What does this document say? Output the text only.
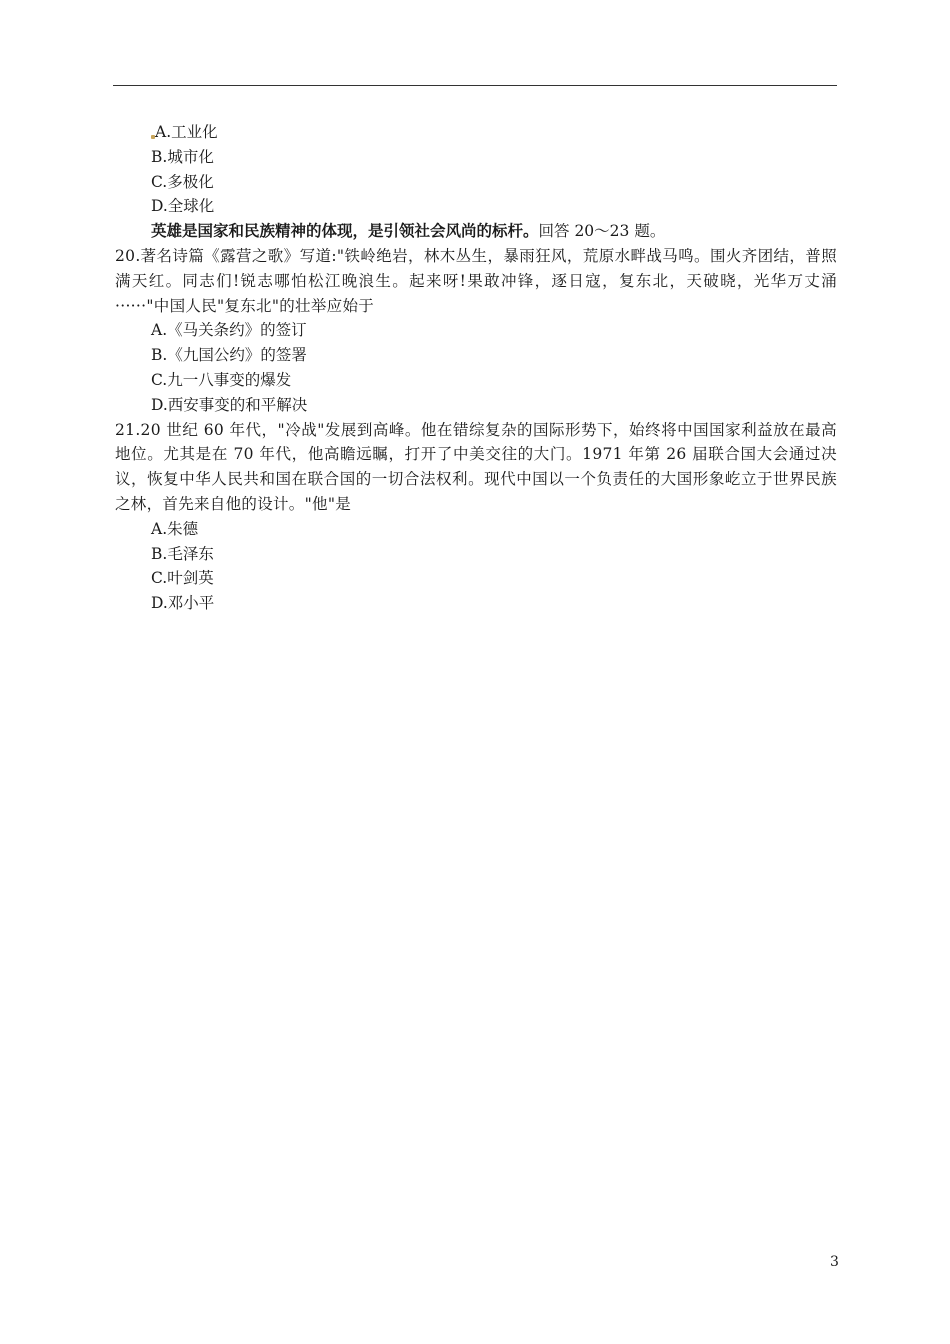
A.工业化
B.城市化
C.多极化
D.全球化
英雄是国家和民族精神的体现，是引领社会风尚的标杆。回答 20～23 题。
20.著名诗篇《露营之歌》写道:"铁岭绝岩，林木丛生，暴雨狂风，荒原水畔战马鸣。围火齐团结，普照满天红。同志们!锐志哪怕松江晚浪生。起来呀!果敢冲锋，逐日寇，复东北，天破晓，光华万丈涌······"中国人民"复东北"的壮举应始于
A.《马关条约》的签订
B.《九国公约》的签署
C.九一八事变的爆发
D.西安事变的和平解决
21.20 世纪 60 年代，"冷战"发展到高峰。他在错综复杂的国际形势下，始终将中国国家利益放在最高地位。尤其是在 70 年代，他高瞻远瞩，打开了中美交往的大门。1971 年第 26 届联合国大会通过决议，恢复中华人民共和国在联合国的一切合法权利。现代中国以一个负责任的大国形象屹立于世界民族之林，首先来自他的设计。"他"是
A.朱德
B.毛泽东
C.叶剑英
D.邓小平
3
